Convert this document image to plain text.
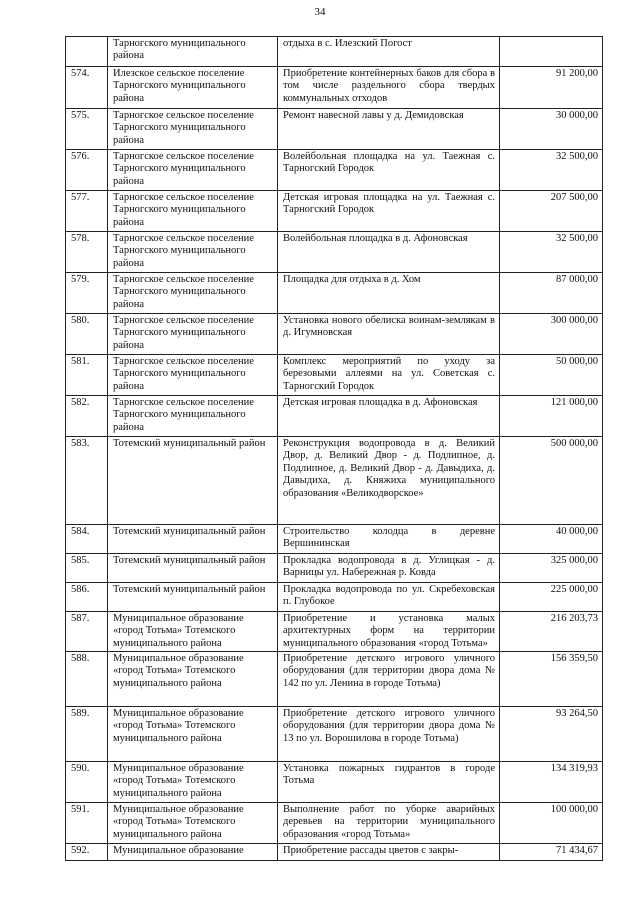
34
	Тарногского муниципального района	отдыха в с. Илезский Погост	
574.	Илезское сельское поселение Тарногского муниципального района	Приобретение контейнерных баков для сбора в том числе раздельного сбора твердых коммунальных отходов	91 200,00
575.	Тарногское сельское поселение Тарногского муниципального района	Ремонт навесной лавы у д. Демидовская	30 000,00
576.	Тарногское сельское поселение Тарногского муниципального района	Волейбольная площадка на ул. Таежная с. Тарногский Городок	32 500,00
577.	Тарногское сельское поселение Тарногского муниципального района	Детская игровая площадка на ул. Таежная с. Тарногский Городок	207 500,00
578.	Тарногское сельское поселение Тарногского муниципального района	Волейбольная площадка в д. Афоновская	32 500,00
579.	Тарногское сельское поселение Тарногского муниципального района	Площадка для отдыха в д. Хом	87 000,00
580.	Тарногское сельское поселение Тарногского муниципального района	Установка нового обелиска воинам-землякам в д. Игумновская	300 000,00
581.	Тарногское сельское поселение Тарногского муниципального района	Комплекс мероприятий по уходу за березовыми аллеями на ул. Советская с. Тарногский Городок	50 000,00
582.	Тарногское сельское поселение Тарногского муниципального района	Детская игровая площадка в д. Афоновская	121 000,00
583.	Тотемский муниципальный район	Реконструкция водопровода в д. Великий Двор, д. Великий Двор - д. Подлипное, д. Подлипное, д. Великий Двор - д. Давыдиха, д. Давыдиха, д. Княжиха муниципального образования «Великодворское»	500 000,00
584.	Тотемский муниципальный район	Строительство колодца в деревне Вершининская	40 000,00
585.	Тотемский муниципальный район	Прокладка водопровода в д. Углицкая - д. Варницы ул. Набережная р. Ковда	325 000,00
586.	Тотемский муниципальный район	Прокладка водопровода по ул. Скребеховская п. Глубокое	225 000,00
587.	Муниципальное образование «город Тотьма» Тотемского муниципального района	Приобретение и установка малых архитектурных форм на территории муниципального образования «город Тотьма»	216 203,73
588.	Муниципальное образование «город Тотьма» Тотемского муниципального района	Приобретение детского игрового уличного оборудования (для территории двора дома № 142 по ул. Ленина в городе Тотьма)	156 359,50
589.	Муниципальное образование «город Тотьма» Тотемского муниципального района	Приобретение детского игрового уличного оборудования (для территории двора дома № 13 по ул. Ворошилова в городе Тотьма)	93 264,50
590.	Муниципальное образование «город Тотьма» Тотемского муниципального района	Установка пожарных гидрантов в городе Тотьма	134 319,93
591.	Муниципальное образование «город Тотьма» Тотемского муниципального района	Выполнение работ по уборке аварийных деревьев на территории муниципального образования «город Тотьма»	100 000,00
592.	Муниципальное образование	Приобретение рассады цветов с закры-	71 434,67
